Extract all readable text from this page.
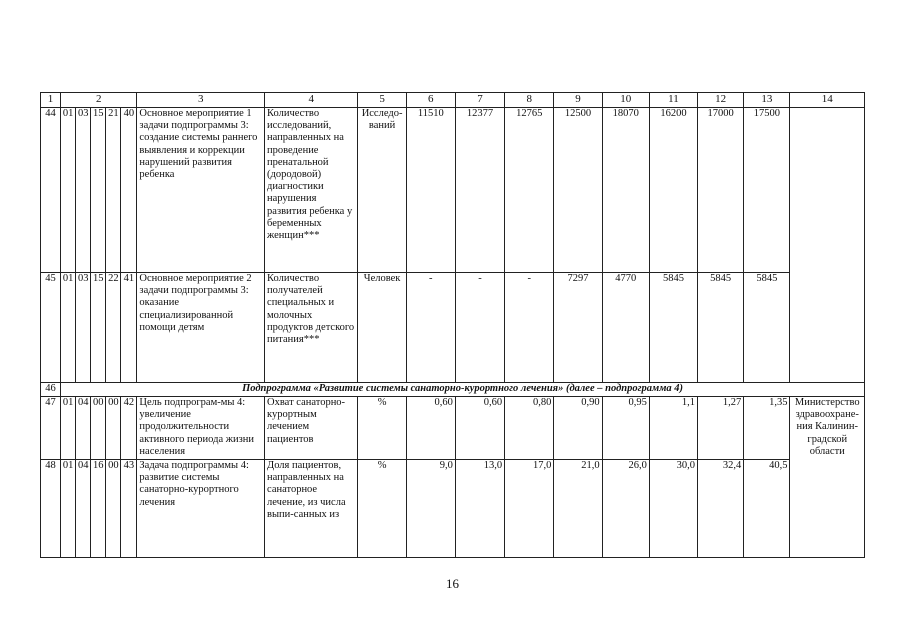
1	2					3	4	5	6	7	8	9	10	11	12	13	14
44	01	03	15	21	40	Основное мероприятие 1 задачи подпрограммы 3: создание системы раннего выявления и коррекции нарушений развития ребенка	Количество исследований, направленных на проведение пренатальной (дородовой) диагностики нарушения развития ребенка у беременных женщин***	Исследо-ваний	11510	12377	12765	12500	18070	16200	17000	17500	
45	01	03	15	22	41	Основное мероприятие 2 задачи подпрограммы 3: оказание специализированной помощи детям	Количество получателей специальных и молочных продуктов детского питания***	Человек	-	-	-	7297	4770	5845	5845	5845	
46	Подпрограмма «Развитие системы санаторно-курортного лечения» (далее – подпрограмма 4)																
47	01	04	00	00	42	Цель подпрограм-мы 4: увеличение продолжительности активного периода жизни населения	Охват санаторно-курортным лечением пациентов	%	0,60	0,60	0,80	0,90	0,95	1,1	1,27	1,35	Министерство здравоохране-ния Калинин-градской области
48	01	04	16	00	43	Задача подпрограммы 4: развитие системы санаторно-курортного лечения	Доля пациентов, направленных на санаторное лечение, из числа выпи-санных из	%	9,0	13,0	17,0	21,0	26,0	30,0	32,4	40,5	
16
